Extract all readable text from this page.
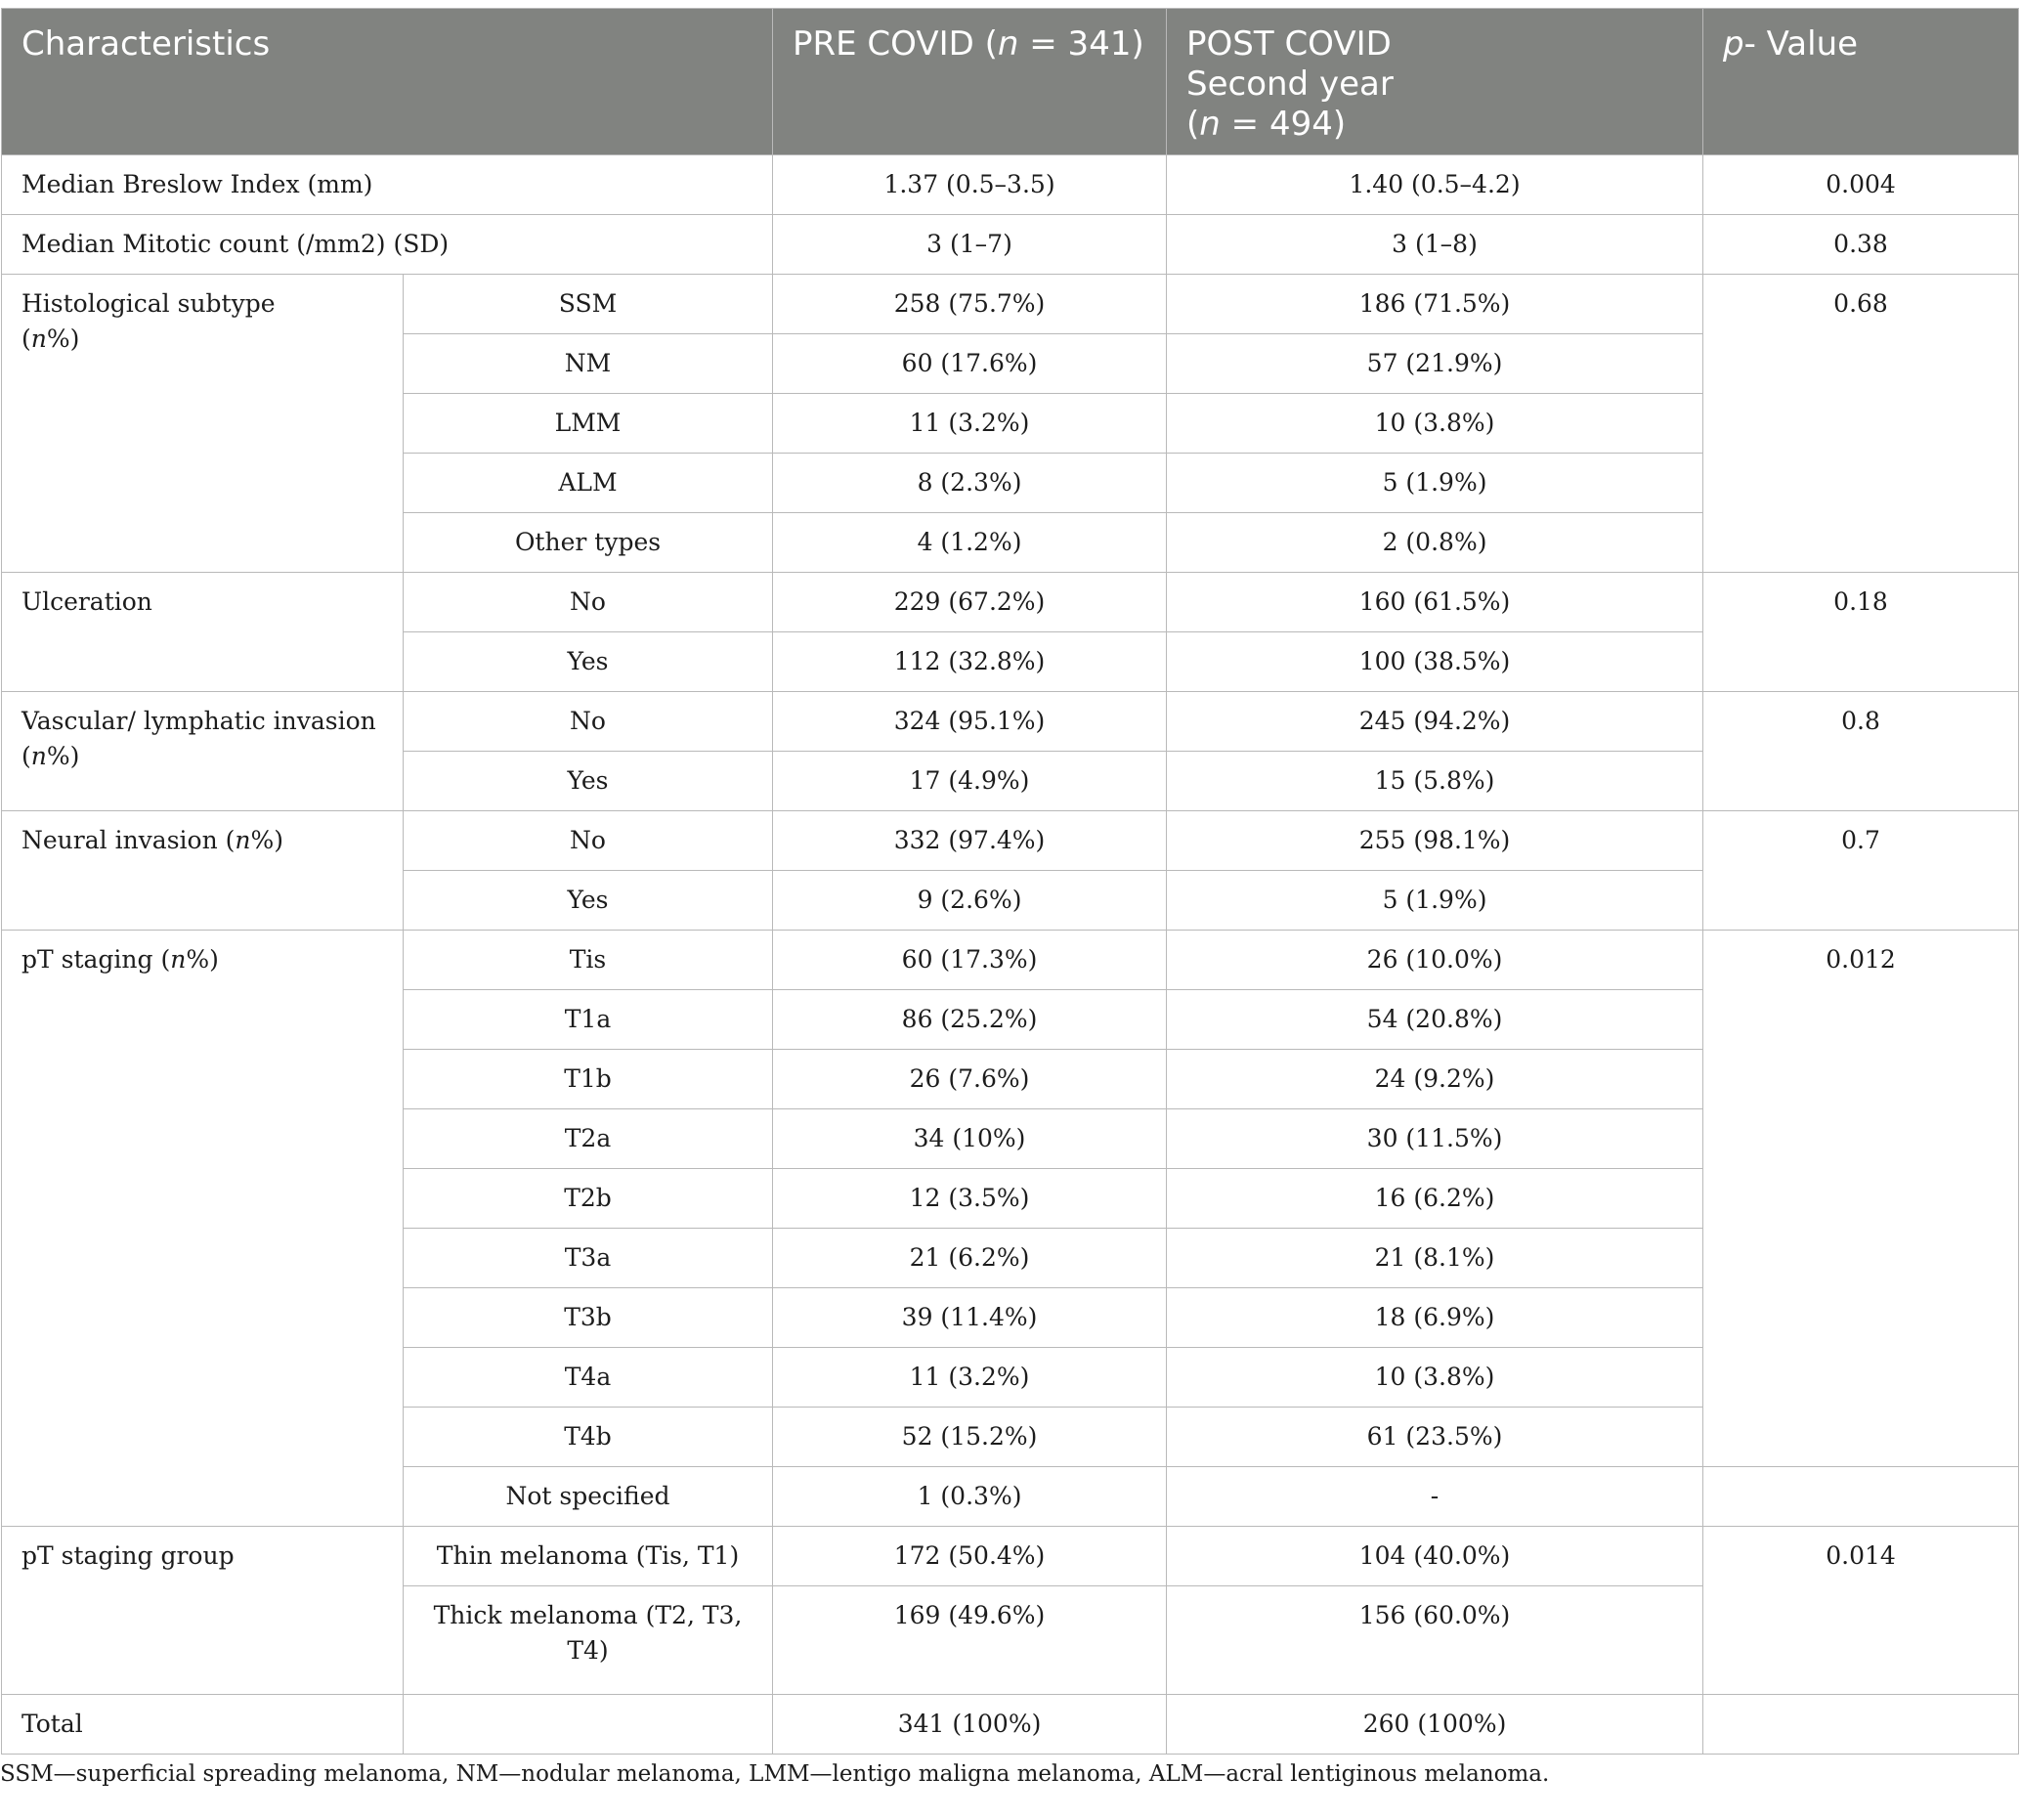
Characteristics		PRE COVID (n = 341)	POST COVID
Second year
(n = 494)	p- Value
Median Breslow Index (mm)		1.37 (0.5–3.5)	1.40 (0.5–4.2)	0.004
Median Mitotic count (/mm2) (SD)		3 (1–7)	3 (1–8)	0.38
Histological subtype
(n%)	SSM	258 (75.7%)	186 (71.5%)	0.68
	NM	60 (17.6%)	57 (21.9%)	
	LMM	11 (3.2%)	10 (3.8%)	
	ALM	8 (2.3%)	5 (1.9%)	
	Other types	4 (1.2%)	2 (0.8%)	
Ulceration	No	229 (67.2%)	160 (61.5%)	0.18
	Yes	112 (32.8%)	100 (38.5%)	
Vascular/ lymphatic invasion
(n%)	No	324 (95.1%)	245 (94.2%)	0.8
	Yes	17 (4.9%)	15 (5.8%)	
Neural invasion (n%)	No	332 (97.4%)	255 (98.1%)	0.7
	Yes	9 (2.6%)	5 (1.9%)	
pT staging (n%)	Tis	60 (17.3%)	26 (10.0%)	0.012
	T1a	86 (25.2%)	54 (20.8%)	
	T1b	26 (7.6%)	24 (9.2%)	
	T2a	34 (10%)	30 (11.5%)	
	T2b	12 (3.5%)	16 (6.2%)	
	T3a	21 (6.2%)	21 (8.1%)	
	T3b	39 (11.4%)	18 (6.9%)	
	T4a	11 (3.2%)	10 (3.8%)	
	T4b	52 (15.2%)	61 (23.5%)	
	Not specified	1 (0.3%)	-	
pT staging group	Thin melanoma (Tis, T1)	172 (50.4%)	104 (40.0%)	0.014
	Thick melanoma (T2, T3,
T4)	169 (49.6%)	156 (60.0%)	
Total		341 (100%)	260 (100%)	
SSM—superficial spreading melanoma, NM—nodular melanoma, LMM—lentigo maligna melanoma, ALM—acral lentiginous melanoma.
